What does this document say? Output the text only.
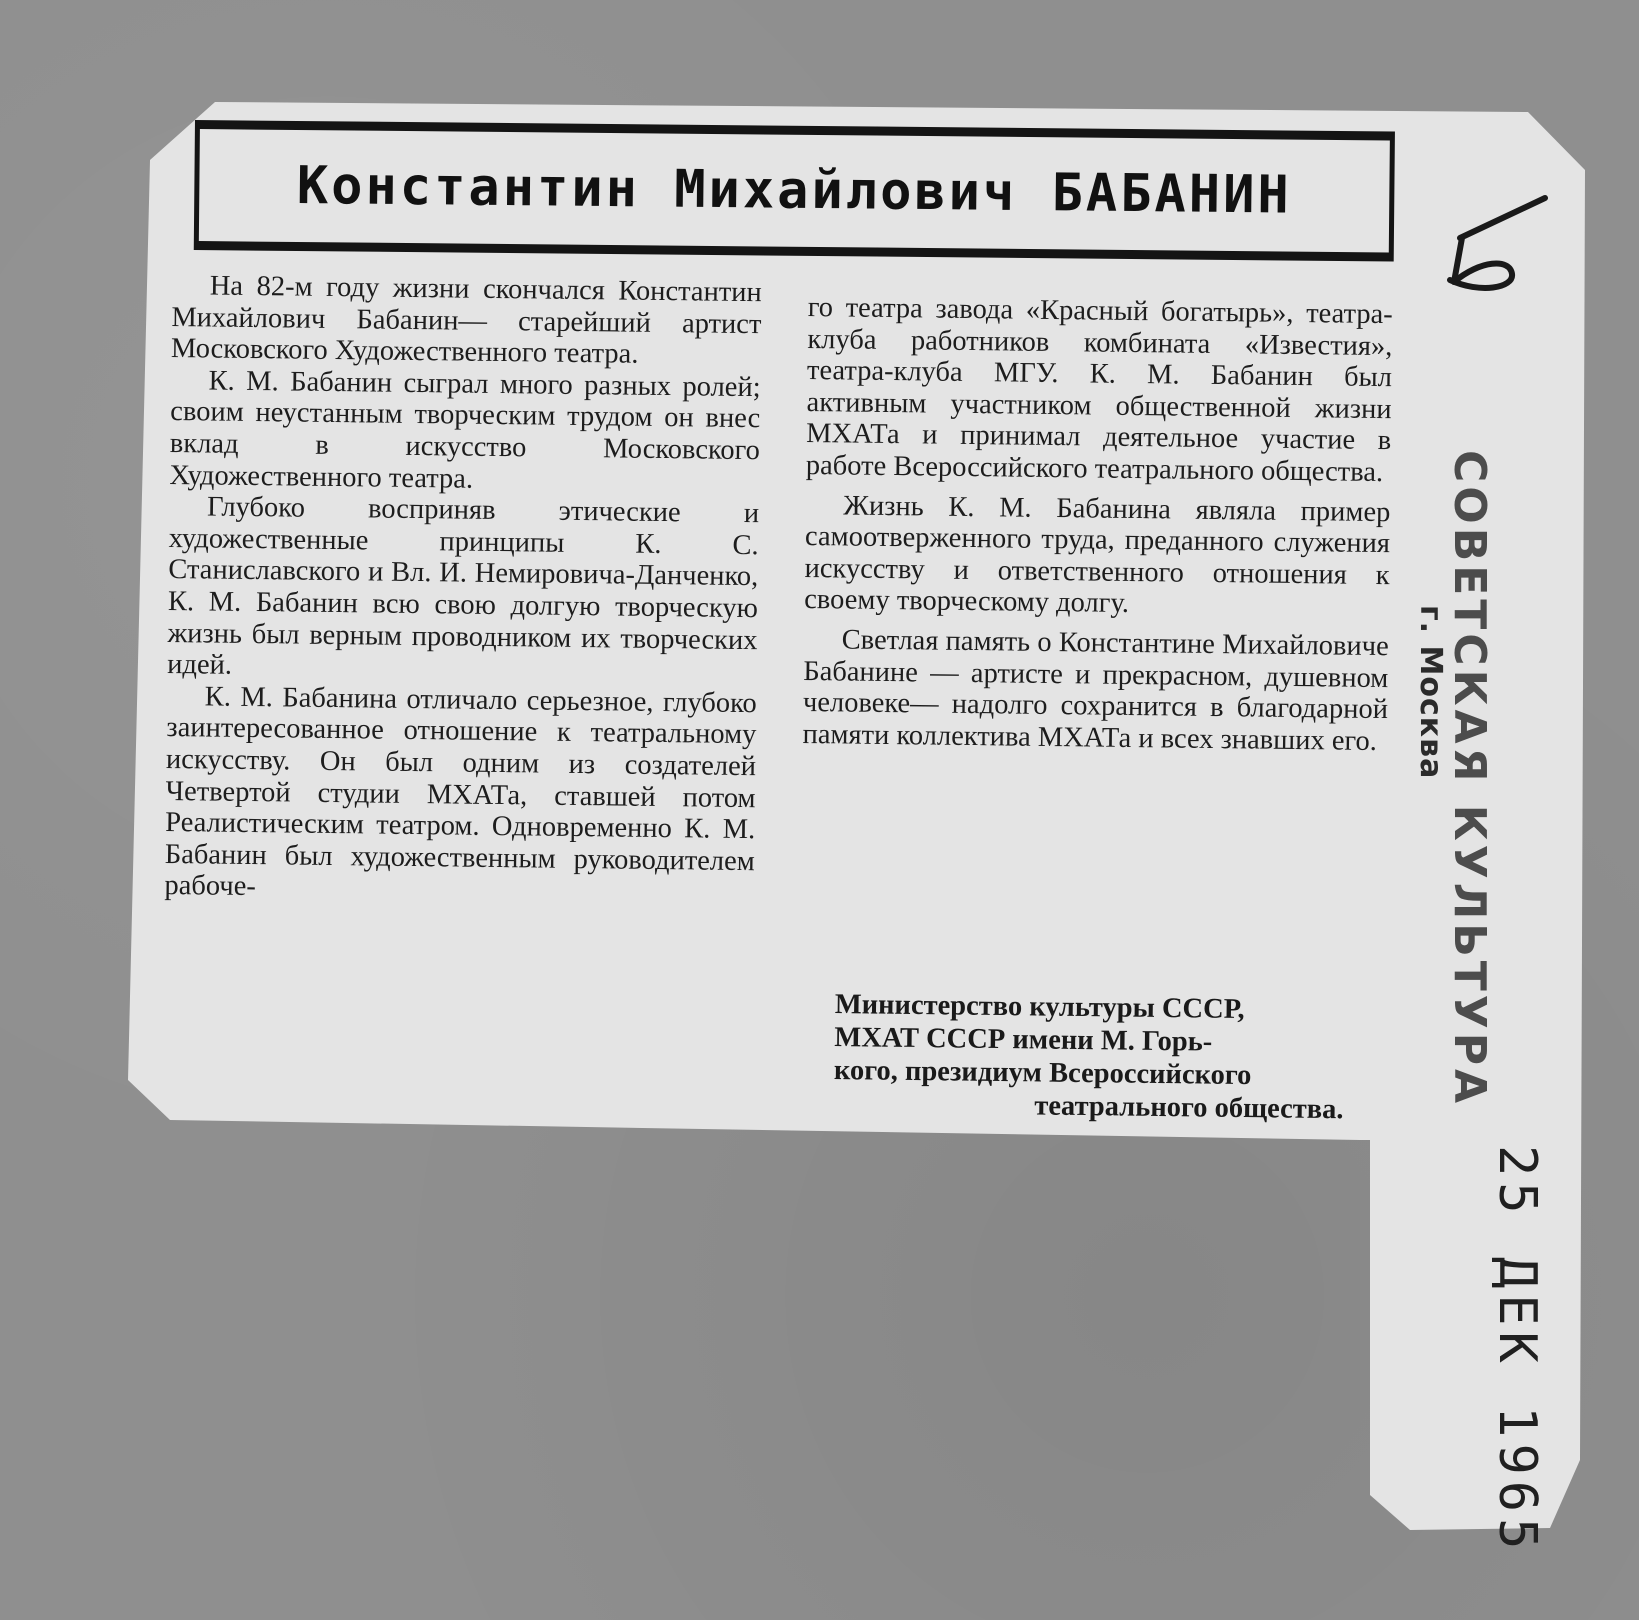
Константин Михайлович БАБАНИН

На 82-м году жизни скончался Константин Михайлович Бабанин— старейший артист Московского Художественного театра.

К. М. Бабанин сыграл много разных ролей; своим неустанным творческим трудом он внес вклад в искусство Московского Художественного театра.

Глубоко восприняв этические и художественные принципы К. С. Станиславского и Вл. И. Немировича-Данченко, К. М. Бабанин всю свою долгую творческую жизнь был верным проводником их творческих идей.

К. М. Бабанина отличало серьезное, глубоко заинтересованное отношение к театральному искусству. Он был одним из создателей Четвертой студии МХАТа, ставшей потом Реалистическим театром. Одновременно К. М. Бабанин был художественным руководителем рабоче-

го театра завода «Красный богатырь», театра-клуба работников комбината «Известия», театра-клуба МГУ. К. М. Бабанин был активным участником общественной жизни МХАТа и принимал деятельное участие в работе Всероссийского театрального общества.

Жизнь К. М. Бабанина являла пример самоотверженного труда, преданного служения искусству и ответственного отношения к своему творческому долгу.

Светлая память о Константине Михайловиче Бабанине — артисте и прекрасном, душевном человеке— надолго сохранится в благодарной памяти коллектива МХАТа и всех знавших его.

Министерство культуры СССР,
МХАТ СССР имени М. Горь-
кого, президиум Всероссийского
театрального общества.
СОВЕТСКАЯ КУЛЬТУРА
г. Москва
25 ДЕК 1965
